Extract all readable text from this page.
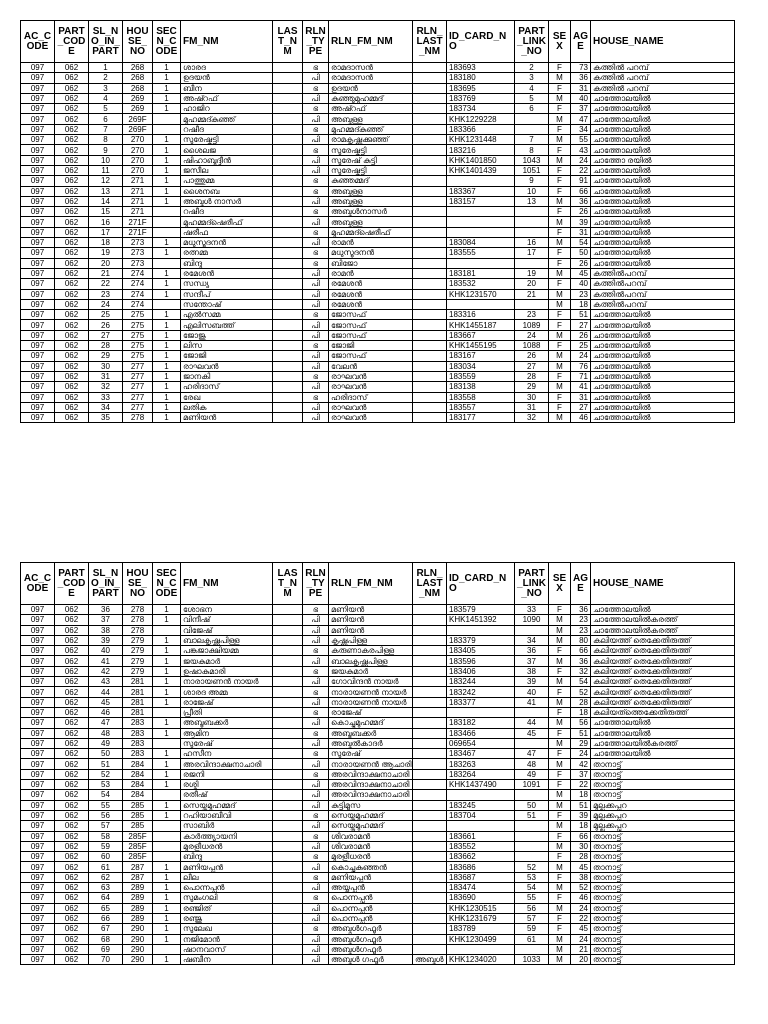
AC_CODE	PART_CODE	SL_NO_IN_PART	HOUSE_NO	SECN_CODE	FM_NM	LAST_NM	RLN_TYPE	RLN_FM_NM	RLN_LAST_NM	ID_CARD_NO	PART_LINK_NO	SEX	AGE	HOUSE_NAME
097	062	1	268	1	ശാരദ		ഭ	രാമദാസൻ		183693	2	F	73	കത്തിൽ പറമ്പ്
097	062	2	268	1	ഉദയൻ		പി	രാമദാസൻ		183180	3	M	36	കത്തിൽ പറമ്പ്
097	062	3	268	1	ബീന		ഭ	ഉദയൻ		183695	4	F	31	കത്തിൽ പറമ്പ്
097	062	4	269	1	അഷ്റഫ്		പി	കുഞ്ഞുമുഹമ്മദ്		183769	5	M	40	ചാത്തോലയിൽ
097	062	5	269	1	ഹാജിറ		ഭ	അഷ്റഫ്		183734	6	F	37	ചാത്തോലയിൽ
097	062	6	269F		മുഹമ്മദ്കുഞ്ഞ്		പി	അബ്ദുള്ള		KHK1229228		M	47	ചാത്തോലയിൽ
097	062	7	269F		റഷീദ		ഭ	മുഹമ്മദ്കുഞ്ഞ്		183366		F	34	ചാത്തോലയിൽ
097	062	8	270	1	സുരേഷ്കുട്ടി		പി	രാമകൃഷ്ണക്കുഞ്ഞ്		KHK1231448	7	M	55	ചാത്തോലയിൽ
097	062	9	270	1	ശൈലജ		ഭ	സുരേഷ്കുട്ടി		183216	8	F	43	ചാത്തോലയിൽ
097	062	10	270	1	ഷിഹാബുദ്ദീൻ		പി	സുരേഷ് കുട്ടി		KHK1401850	1043	M	24	ചാത്തോ രയിൽ
097	062	11	270	1	ജസീല		പി	സുരേഷ്കുട്ടി		KHK1401439	1051	F	22	ചാത്തോലയിൽ
097	062	12	271	1	പാത്തുമ്മ		ഭ	കുഞ്ഞമ്മദ്			9	F	91	ചാത്തോലയിൽ
097	062	13	271	1	ശൈനബ		ഭ	അബ്ദുള്ള		183367	10	F	66	ചാത്തോലയിൽ
097	062	14	271	1	അബ്ദുൾ നാസർ		പി	അബ്ദുള്ള		183157	13	M	36	ചാത്തോലയിൽ
097	062	15	271		റഷീദ		ഭ	അബ്ദുൾനാസർ				F	26	ചാത്തോലയിൽ
097	062	16	271F		മുഹമ്മദ്ഷെരീഫ്		പി	അബ്ദുള്ള				M	39	ചാത്തോലയിൽ
097	062	17	271F		ഷരീഫ		ഭ	മുഹമ്മദ്ഷെരീഫ്				F	31	ചാത്തോലയിൽ
097	062	18	273	1	മധുസൂദനൻ		പി	രാമൻ		183084	16	M	54	ചാത്തോലയിൽ
097	062	19	273	1	രത്നമ്മ		ഭ	മധുസൂദനൻ		183555	17	F	50	ചാത്തോലയിൽ
097	062	20	273		ബിന്ദു		ഭ	ബിജോ				F	26	ചാത്തോലയിൽ
097	062	21	274	1	രമേശൻ		പി	രാമൻ		183181	19	M	45	കത്തിൽപറമ്പ്
097	062	22	274	1	സന്ധ്യ		പി	രമേശൻ		183532	20	F	40	കത്തിൽപറമ്പ്
097	062	23	274	1	സന്ദീപ്		പി	രമേശൻ		KHK1231570	21	M	23	കത്തിൽപറമ്പ്
097	062	24	274		സന്തോഷ്		പി	രമേശൻ				M	18	കത്തിൽപറമ്പ്
097	062	25	275	1	എൽസമ്മ		ഭ	ജോസഫ്		183316	23	F	51	ചാത്തോലയിൽ
097	062	26	275	1	എലിസബത്ത്		പി	ജോസഫ്		KHK1455187	1089	F	27	ചാത്തോലയിൽ
097	062	27	275	1	ജോജു		പി	ജോസഫ്		183667	24	M	26	ചാത്തോലയിൽ
097	062	28	275	1	ലിസ		ഭ	ജോജി		KHK1455195	1088	F	25	ചാത്തോലയിൽ
097	062	29	275	1	ജോജി		പി	ജോസഫ്		183167	26	M	24	ചാത്തോലയിൽ
097	062	30	277	1	രാഘവൻ		പി	വേലൻ		183034	27	M	76	ചാത്തോലയിൽ
097	062	31	277	1	ജാനകി		ഭ	രാഘവൻ		183559	28	F	71	ചാത്തോലയിൽ
097	062	32	277	1	ഹരിദാസ്		പി	രാഘവൻ		183138	29	M	41	ചാത്തോലയിൽ
097	062	33	277	1	രേഖ		ഭ	ഹരിദാസ്		183558	30	F	31	ചാത്തോലയിൽ
097	062	34	277	1	ലതിക		പി	രാഘവൻ		183557	31	F	27	ചാത്തോലയിൽ
097	062	35	278	1	മണിയൻ		പി	രാഘവൻ		183177	32	M	46	ചാത്തോലയിൽ
AC_CODE	PART_CODE	SL_NO_IN_PART	HOUSE_NO	SECN_CODE	FM_NM	LAST_NM	RLN_TYPE	RLN_FM_NM	RLN_LAST_NM	ID_CARD_NO	PART_LINK_NO	SEX	AGE	HOUSE_NAME
097	062	36	278	1	ശോഭന		ഭ	മണിയൻ		183579	33	F	36	ചാത്തോലയിൽ
097	062	37	278	1	വിനീഷ്		പി	മണിയൻ		KHK1451392	1090	M	23	ചാത്തോലയിൽകരത്ത്
097	062	38	278		വിജേഷ്		പി	മണിയൻ				M	23	ചാത്തോലയിൽകരത്ത്
097	062	39	279	1	ബാലകൃഷ്ണപിള്ള		പി	കൃഷ്ണപിള്ള		183379	34	M	80	കലിയത്ത് തെക്കേതിരുത്ത്
097	062	40	279	1	പങ്കജാക്ഷിയമ്മ		ഭ	കരുണാകരപിള്ള		183405	36	F	66	കലിയത്ത് തെക്കേതിരുത്ത്
097	062	41	279	1	ജയകുമാർ		പി	ബാലകൃഷ്ണപിള്ള		183596	37	M	36	കലിയത്ത് തെക്കേതിരുത്ത്
097	062	42	279	1	ഉഷാകുമാരി		ഭ	ജയകുമാർ		183406	38	F	32	കലിയത്ത് തെക്കേതിരുത്ത്
097	062	43	281	1	നാരായണൻ നായർ		പി	ഗോവിന്ദൻ നായർ		183244	39	M	54	കലിയത്ത് തെക്കേതിരുത്ത്
097	062	44	281	1	ശാരദ അമ്മ		ഭ	നാരായണൻ നായർ		183242	40	F	52	കലിയത്ത് തെക്കേതിരുത്ത്
097	062	45	281	1	രാജേഷ്		പി	നാരായണൻ നായർ		183377	41	M	28	കലിയത്ത് തെക്കേതിരുത്ത്
097	062	46	281		പ്രീതി		ഭ	രാജേഷ്				F	18	കലിയത്ത്തെക്കേതിരുത്ത്
097	062	47	283	1	അബൂബക്കർ		പി	കൊച്ചുമുഹമ്മദ്		183182	44	M	56	ചാത്തോലയിൽ
097	062	48	283	1	ആമിന		ഭ	അബൂബക്കർ		183466	45	F	51	ചാത്തോലയിൽ
097	062	49	283		സുരേഷ്		പി	അബ്ദുൽകാദർ		069654		M	29	ചാത്തോലയിൽകരത്ത്
097	062	50	283	1	ഹസീന		ഭ	സുരേഷ്		183467	47	F	24	ചാത്തോലയിൽ
097	062	51	284	1	അരവിന്ദാക്ഷനാചാരി		പി	നാരായണൻ ആചാരി		183263	48	M	42	താനാട്ട്
097	062	52	284	1	രജനി		ഭ	അരവിന്ദാക്ഷനാചാരി		183264	49	F	37	താനാട്ട്
097	062	53	284	1	രശ്മി		പി	അരവിന്ദാക്ഷനാചാരി		KHK1437490	1091	F	22	താനാട്ട്
097	062	54	284		രതീഷ്		പി	അരവിന്ദാക്ഷനാചാരി				M	18	താനാട്ട്
097	062	55	285	1	സെയ്തുമുഹമ്മദ്		പി	കുട്ടിമൂസ		183245	50	M	51	മുല്ലക്കപ്പറ
097	062	56	285	1	റഹിയാബീവി		ഭ	സെയ്തുമുഹമ്മദ്		183704	51	F	39	മുല്ലക്കപ്പറ
097	062	57	285		സാബിർ		പി	സെയ്തുമുഹമ്മദ്				M	18	മുല്ലക്കപ്പറ
097	062	58	285F		കാർത്ത്യായനി		ഭ	ശിവരാമൻ		183661		F	66	താനാട്ട്
097	062	59	285F		മുരളീധരൻ		പി	ശിവരാമൻ		183552		M	30	താനാട്ട്
097	062	60	285F		ബിന്ദു		ഭ	മുരളീധരൻ		183662		F	28	താനാട്ട്
097	062	61	287	1	മണിയപ്പൻ		പി	കൊച്ചുകുഞ്ഞൻ		183686	52	M	45	താനാട്ട്
097	062	62	287	1	ലീല		ഭ	മണിയപ്പൻ		183687	53	F	38	താനാട്ട്
097	062	63	289	1	പൊന്നപ്പൻ		പി	അയ്യപ്പൻ		183474	54	M	52	താനാട്ട്
097	062	64	289	1	സുമംഗലി		ഭ	പൊന്നപ്പൻ		183690	55	F	46	താനാട്ട്
097	062	65	289	1	രഞ്ജിത്		പി	പൊന്നപ്പൻ		KHK1230515	56	M	24	താനാട്ട്
097	062	66	289	1	രഞ്ജു		പി	പൊന്നപ്പൻ		KHK1231679	57	F	22	താനാട്ട്
097	062	67	290	1	സുലേഖ		ഭ	അബ്ദുൾഗഫൂർ		183789	59	F	45	താനാട്ട്
097	062	68	290	1	നജിമോൻ		പി	അബ്ദുൾഗഫൂർ		KHK1230499	61	M	24	താനാട്ട്
097	062	69	290		ഷാനവാസ്		പി	അബ്ദുൾഗഫൂർ				M	21	താനാട്ട്
097	062	70	290	1	ഷബീന		പി	അബ്ദുൾ ഗഫൂർ	അബ്ദുൾ	KHK1234020	1033	M	20	താനാട്ട്
